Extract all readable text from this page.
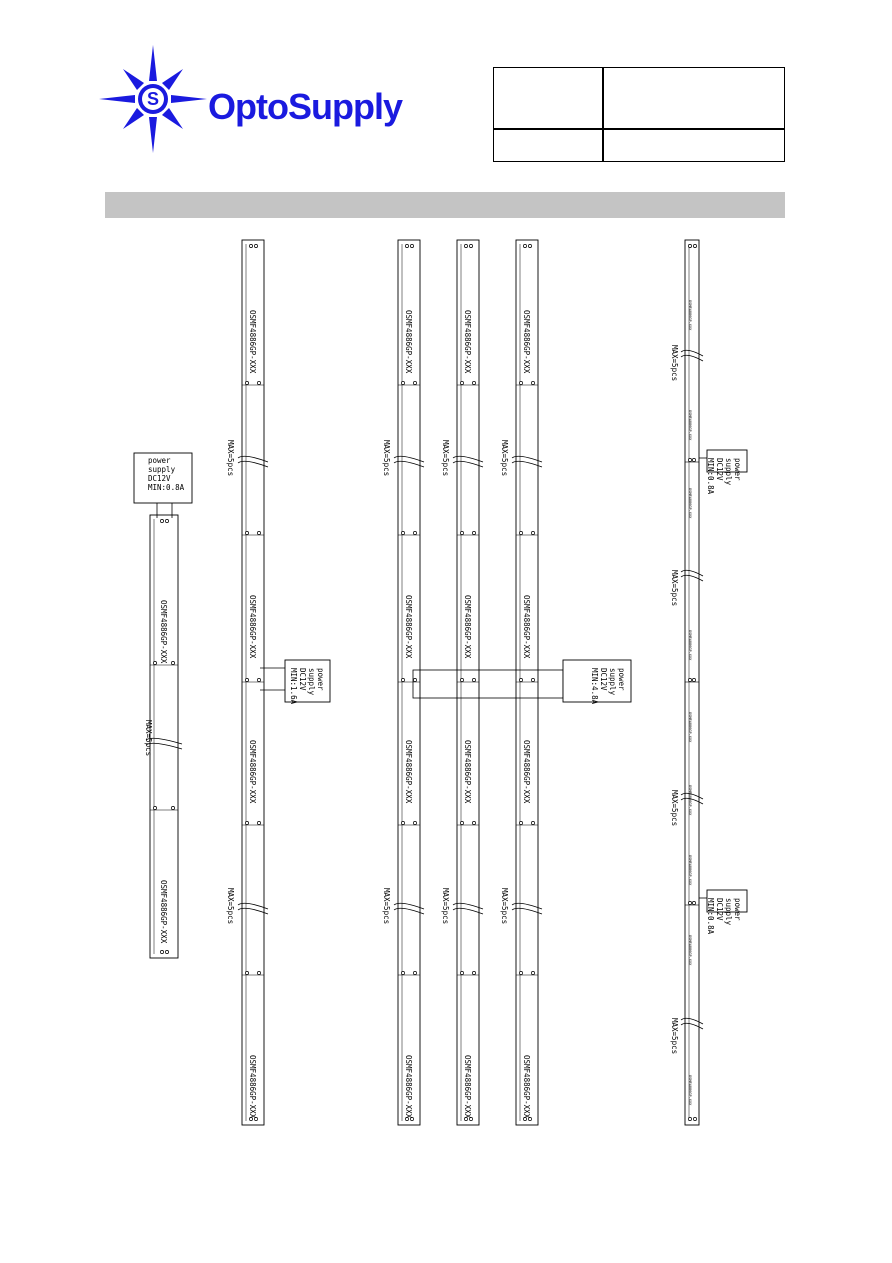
S OptoSupply
power
supply
DC12V
MIN:0.8A
OSMF4886GP-XXX
OSMF4886GP-XXX
MAX=5pcs
OSMF4886GP-XXX
OSMF4886GP-XXX
OSMF4886GP-XXX
OSMF4886GP-XXX
MAX=5pcs
MAX=5pcs
power
supply
DC12V
MIN:1.6A
OSMF4886GP-XXX
OSMF4886GP-XXX
OSMF4886GP-XXX
OSMF4886GP-XXX
MAX=5pcs
MAX=5pcs
OSMF4886GP-XXX
OSMF4886GP-XXX
OSMF4886GP-XXX
OSMF4886GP-XXX
MAX=5pcs
MAX=5pcs
OSMF4886GP-XXX
OSMF4886GP-XXX
OSMF4886GP-XXX
OSMF4886GP-XXX
MAX=5pcs
MAX=5pcs
power
supply
DC12V
MIN:4.8A
OSMF4886GP-XXX
OSMF4886GP-XXX
OSMF4886GP-XXX
OSMF4886GP-XXX
OSMF4886GP-XXX
OSMF4886GP-XXX
OSMF4886GP-XXX
OSMF4886GP-XXX
OSMF4886GP-XXX
MAX=5pcs
MAX=5pcs
MAX=5pcs
MAX=5pcs
power
supply
DC12V
MIN:0.8A
power
supply
DC12V
MIN:0.8A
